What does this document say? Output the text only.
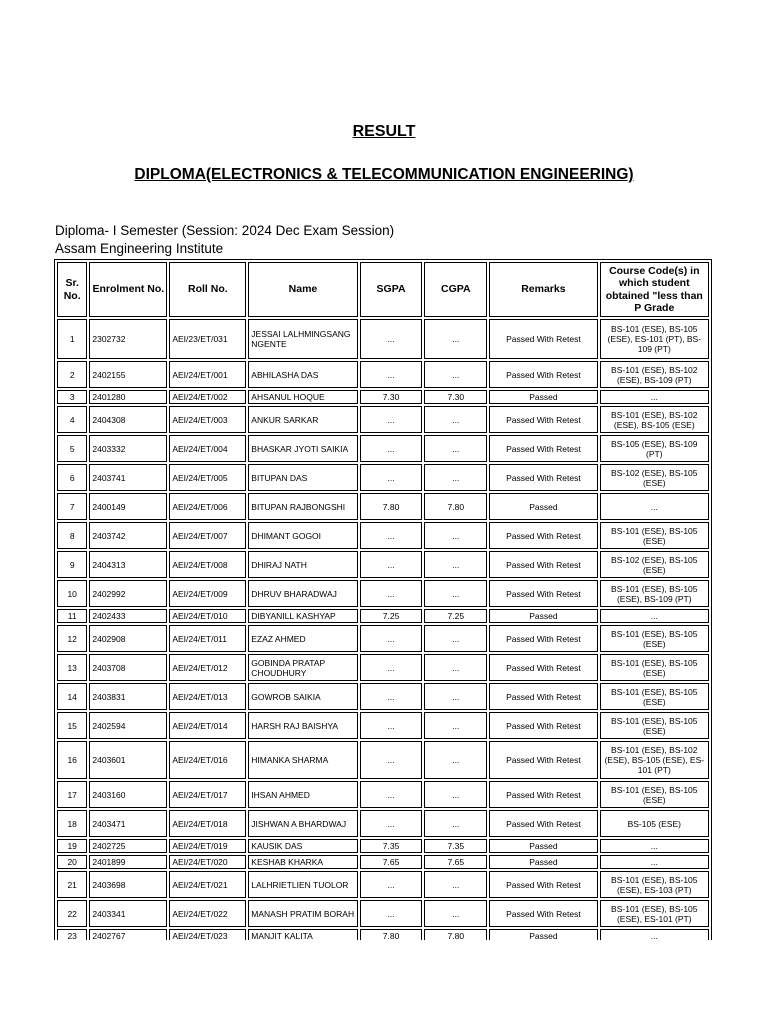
RESULT
DIPLOMA(ELECTRONICS & TELECOMMUNICATION ENGINEERING)
Diploma- I Semester (Session: 2024 Dec Exam Session)
Assam Engineering Institute
Sr. No.	Enrolment No.	Roll No.	Name	SGPA	CGPA	Remarks	Course Code(s) in which student obtained "less than P Grade
1	2302732	AEI/23/ET/031	JESSAI LALHMINGSANG NGENTE	...	...	Passed With Retest	BS-101 (ESE), BS-105 (ESE), ES-101 (PT), BS-109 (PT)
2	2402155	AEI/24/ET/001	ABHILASHA DAS	...	...	Passed With Retest	BS-101 (ESE), BS-102 (ESE), BS-109 (PT)
3	2401280	AEI/24/ET/002	AHSANUL HOQUE	7.30	7.30	Passed	...
4	2404308	AEI/24/ET/003	ANKUR SARKAR	...	...	Passed With Retest	BS-101 (ESE), BS-102 (ESE), BS-105 (ESE)
5	2403332	AEI/24/ET/004	BHASKAR JYOTI SAIKIA	...	...	Passed With Retest	BS-105 (ESE), BS-109 (PT)
6	2403741	AEI/24/ET/005	BITUPAN DAS	...	...	Passed With Retest	BS-102 (ESE), BS-105 (ESE)
7	2400149	AEI/24/ET/006	BITUPAN RAJBONGSHI	7.80	7.80	Passed	...
8	2403742	AEI/24/ET/007	DHIMANT GOGOI	...	...	Passed With Retest	BS-101 (ESE), BS-105 (ESE)
9	2404313	AEI/24/ET/008	DHIRAJ NATH	...	...	Passed With Retest	BS-102 (ESE), BS-105 (ESE)
10	2402992	AEI/24/ET/009	DHRUV BHARADWAJ	...	...	Passed With Retest	BS-101 (ESE), BS-105 (ESE), BS-109 (PT)
11	2402433	AEI/24/ET/010	DIBYANILL KASHYAP	7.25	7.25	Passed	...
12	2402908	AEI/24/ET/011	EZAZ AHMED	...	...	Passed With Retest	BS-101 (ESE), BS-105 (ESE)
13	2403708	AEI/24/ET/012	GOBINDA PRATAP CHOUDHURY	...	...	Passed With Retest	BS-101 (ESE), BS-105 (ESE)
14	2403831	AEI/24/ET/013	GOWROB SAIKIA	...	...	Passed With Retest	BS-101 (ESE), BS-105 (ESE)
15	2402594	AEI/24/ET/014	HARSH RAJ BAISHYA	...	...	Passed With Retest	BS-101 (ESE), BS-105 (ESE)
16	2403601	AEI/24/ET/016	HIMANKA SHARMA	...	...	Passed With Retest	BS-101 (ESE), BS-102 (ESE), BS-105 (ESE), ES-101 (PT)
17	2403160	AEI/24/ET/017	IHSAN AHMED	...	...	Passed With Retest	BS-101 (ESE), BS-105 (ESE)
18	2403471	AEI/24/ET/018	JISHWAN A BHARDWAJ	...	...	Passed With Retest	BS-105 (ESE)
19	2402725	AEI/24/ET/019	KAUSIK DAS	7.35	7.35	Passed	...
20	2401899	AEI/24/ET/020	KESHAB KHARKA	7.65	7.65	Passed	...
21	2403698	AEI/24/ET/021	LALHRIETLIEN TUOLOR	...	...	Passed With Retest	BS-101 (ESE), BS-105 (ESE), ES-103 (PT)
22	2403341	AEI/24/ET/022	MANASH PRATIM BORAH	...	...	Passed With Retest	BS-101 (ESE), BS-105 (ESE), ES-101 (PT)
23	2402767	AEI/24/ET/023	MANJIT KALITA	7.80	7.80	Passed	...
